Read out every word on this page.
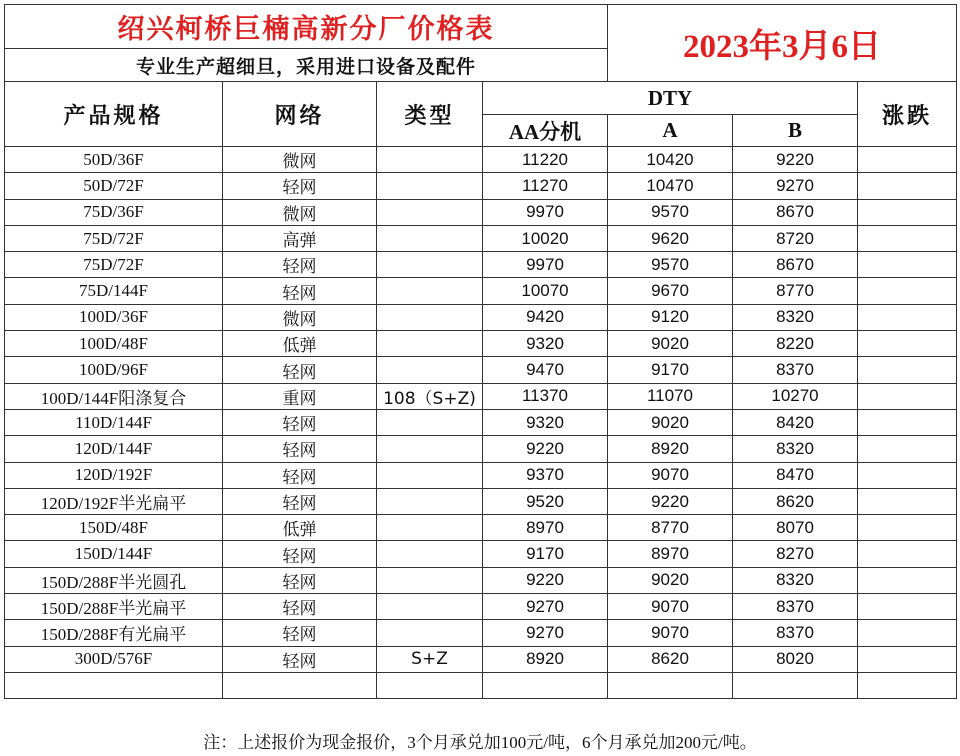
绍兴柯桥巨楠高新分厂价格表				2023年3月6日		
专业生产超细旦，采用进口设备及配件						
产品规格	网络	类型	DTY			涨跌
			AA分机	A	B	
50D/36F	微网		11220	10420	9220	
50D/72F	轻网		11270	10470	9270	
75D/36F	微网		9970	9570	8670	
75D/72F	高弹		10020	9620	8720	
75D/72F	轻网		9970	9570	8670	
75D/144F	轻网		10070	9670	8770	
100D/36F	微网		9420	9120	8320	
100D/48F	低弹		9320	9020	8220	
100D/96F	轻网		9470	9170	8370	
100D/144F阳涤复合	重网	108（S+Z)	11370	11070	10270	
110D/144F	轻网		9320	9020	8420	
120D/144F	轻网		9220	8920	8320	
120D/192F	轻网		9370	9070	8470	
120D/192F半光扁平	轻网		9520	9220	8620	
150D/48F	低弹		8970	8770	8070	
150D/144F	轻网		9170	8970	8270	
150D/288F半光圆孔	轻网		9220	9020	8320	
150D/288F半光扁平	轻网		9270	9070	8370	
150D/288F有光扁平	轻网		9270	9070	8370	
300D/576F	轻网	S+Z	8920	8620	8020	

注：上述报价为现金报价，3个月承兑加100元/吨，6个月承兑加200元/吨。
